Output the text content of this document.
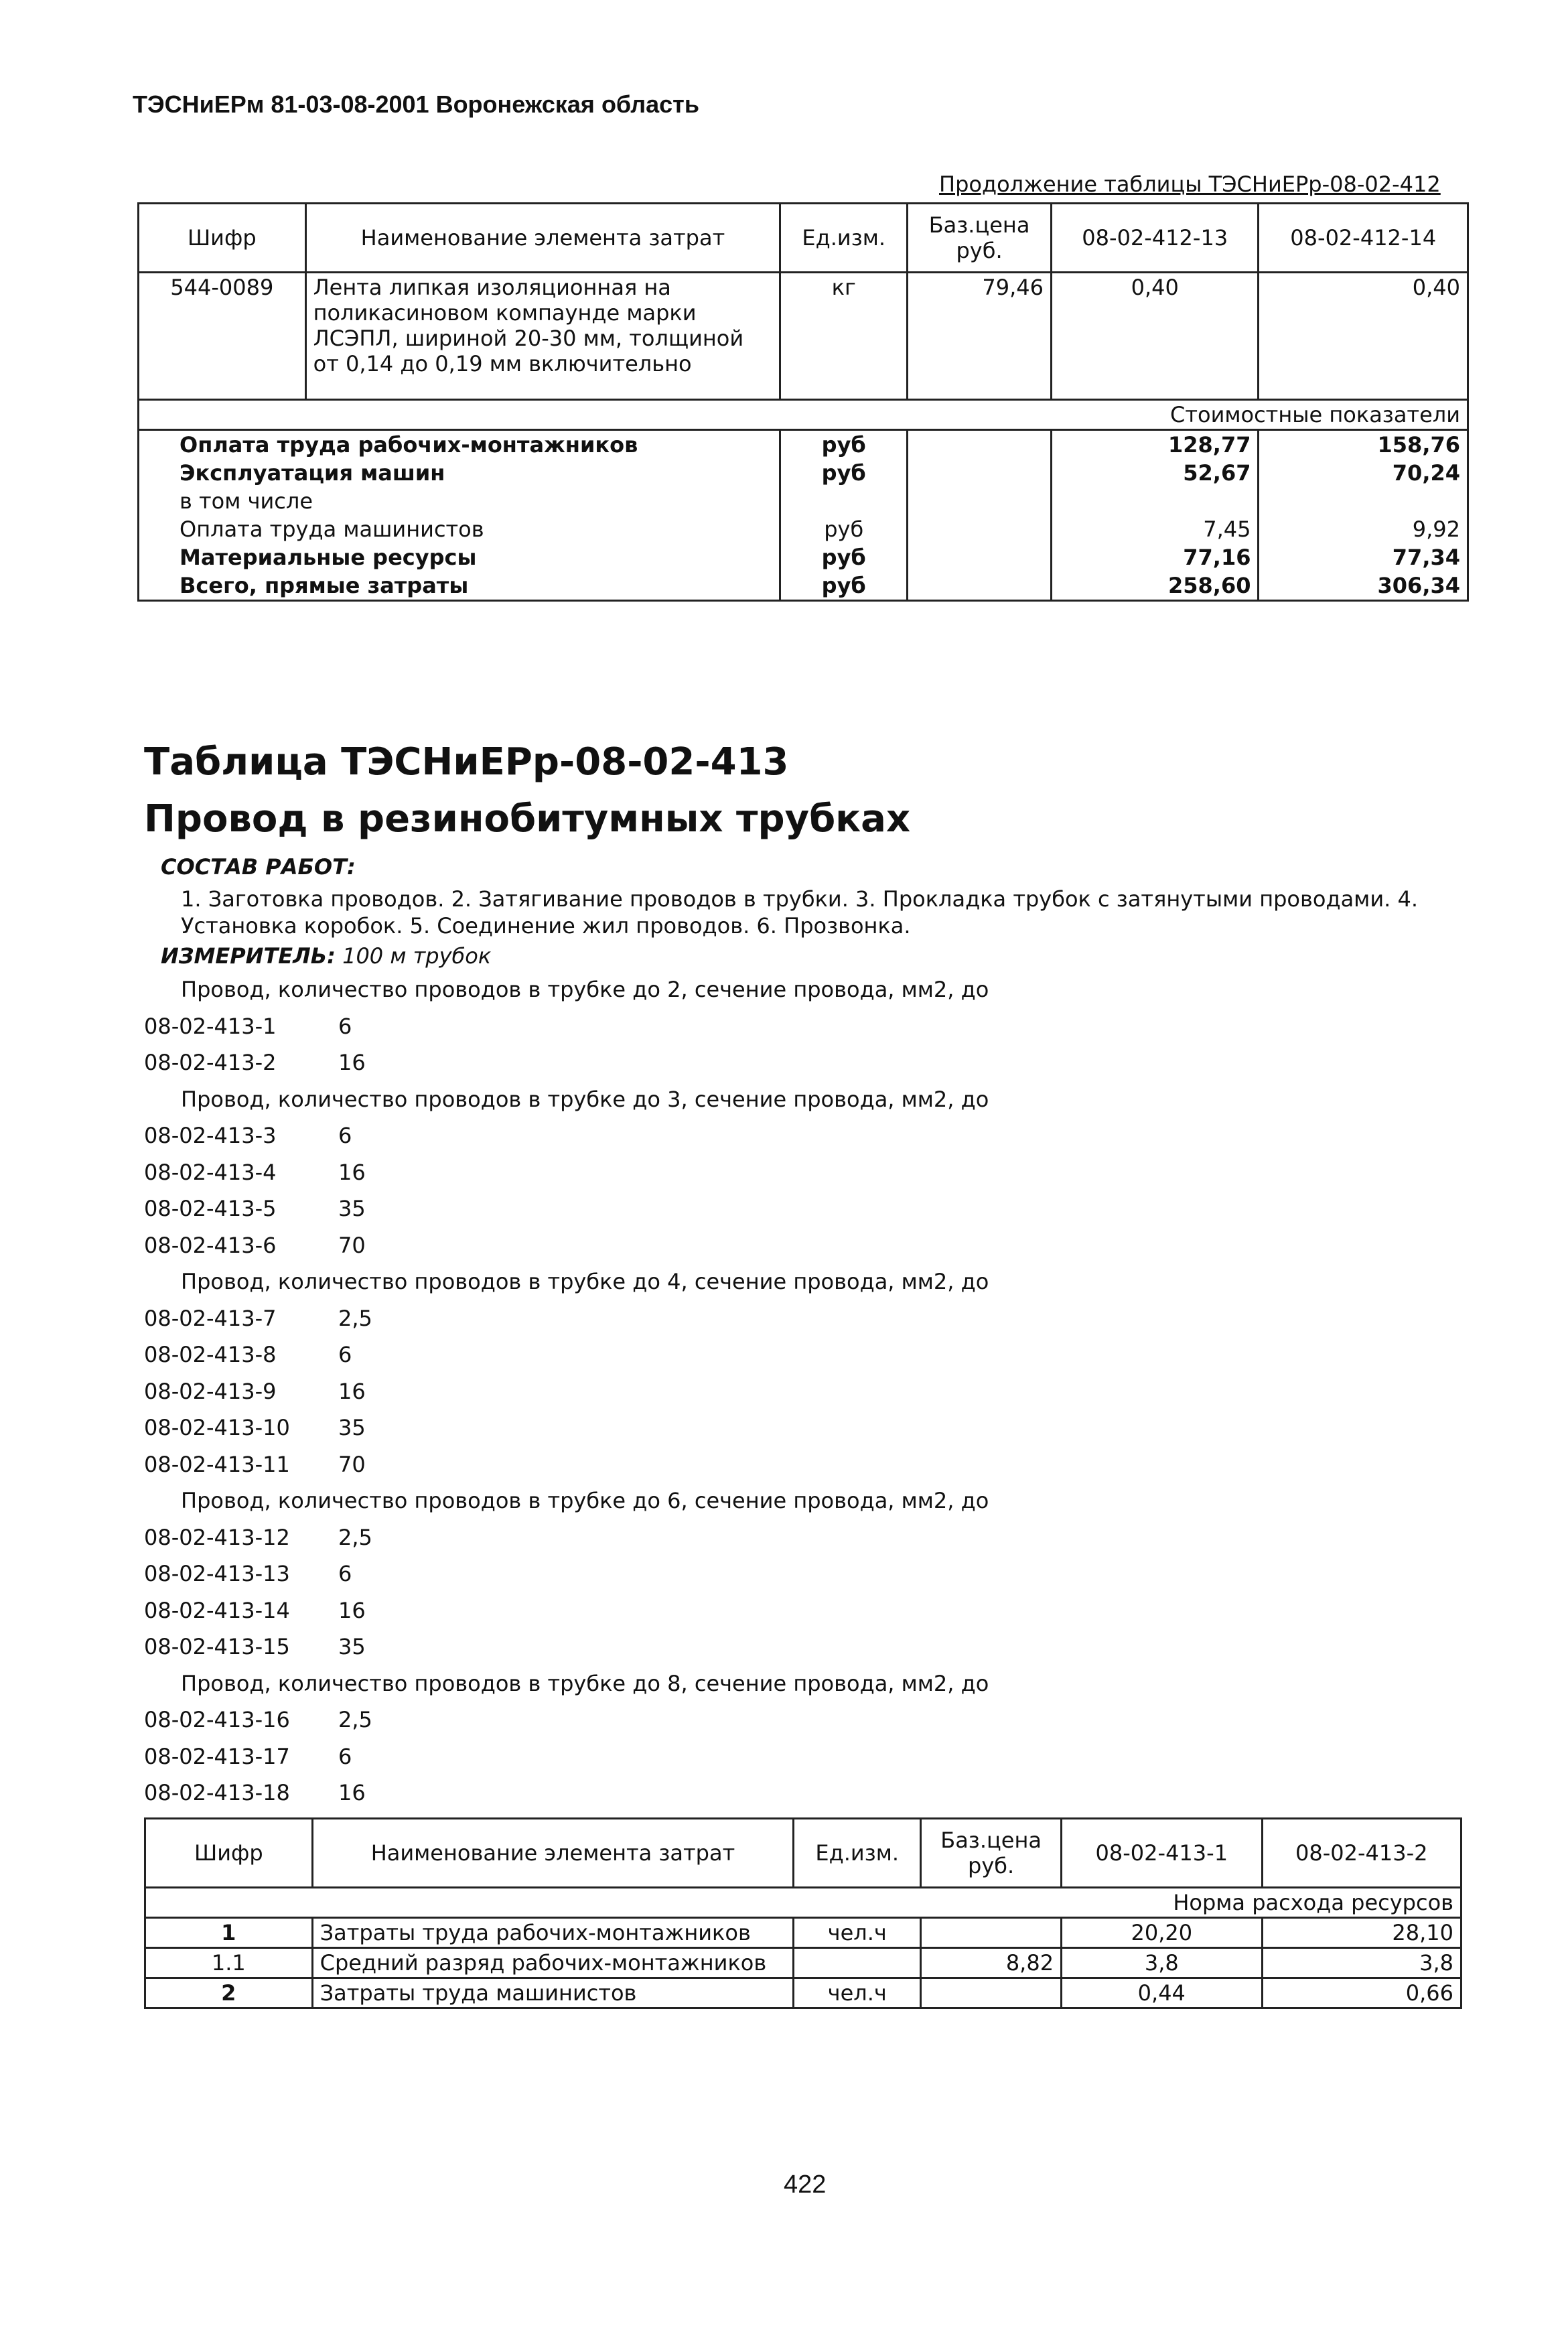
ТЭСНиЕРм 81-03-08-2001 Воронежская область
Продолжение таблицы ТЭСНиЕРр-08-02-412
Шифр	Наименование элемента затрат	Ед.изм.	Баз.цена руб.	08-02-412-13	08-02-412-14
544-0089	Лента липкая изоляционная на поликасиновом компаунде марки ЛСЭПЛ, шириной 20-30 мм, толщиной от 0,14 до 0,19 мм включительно	кг	79,46	0,40	0,40
Стоимостные показатели					
Оплата труда рабочих-монтажников		руб		128,77	158,76
Эксплуатация машин		руб		52,67	70,24
в том числе					
Оплата труда машинистов		руб		7,45	9,92
Материальные ресурсы		руб		77,16	77,34
Всего, прямые затраты		руб		258,60	306,34
Таблица ТЭСНиЕРр-08-02-413
Провод в резинобитумных трубках
СОСТАВ РАБОТ:
1. Заготовка проводов. 2. Затягивание проводов в трубки. 3. Прокладка трубок с затянутыми проводами. 4. Установка коробок. 5. Соединение жил проводов. 6. Прозвонка.
ИЗМЕРИТЕЛЬ: 100 м трубок
Провод, количество проводов в трубке до 2, сечение провода, мм2, до
08-02-413-1	6
08-02-413-2	16
Провод, количество проводов в трубке до 3, сечение провода, мм2, до
08-02-413-3	6
08-02-413-4	16
08-02-413-5	35
08-02-413-6	70
Провод, количество проводов в трубке до 4, сечение провода, мм2, до
08-02-413-7	2,5
08-02-413-8	6
08-02-413-9	16
08-02-413-10 35
08-02-413-11 70
Провод, количество проводов в трубке до 6, сечение провода, мм2, до
08-02-413-12 2,5
08-02-413-13 6
08-02-413-14 16
08-02-413-15 35
Провод, количество проводов в трубке до 8, сечение провода, мм2, до
08-02-413-16 2,5
08-02-413-17 6
08-02-413-18 16
Шифр	Наименование элемента затрат	Ед.изм.	Баз.цена руб.	08-02-413-1	08-02-413-2
Норма расхода ресурсов					
1	Затраты труда рабочих-монтажников	чел.ч		20,20	28,10
1.1	Средний разряд рабочих-монтажников		8,82	3,8	3,8
2	Затраты труда машинистов	чел.ч		0,44	0,66
422
